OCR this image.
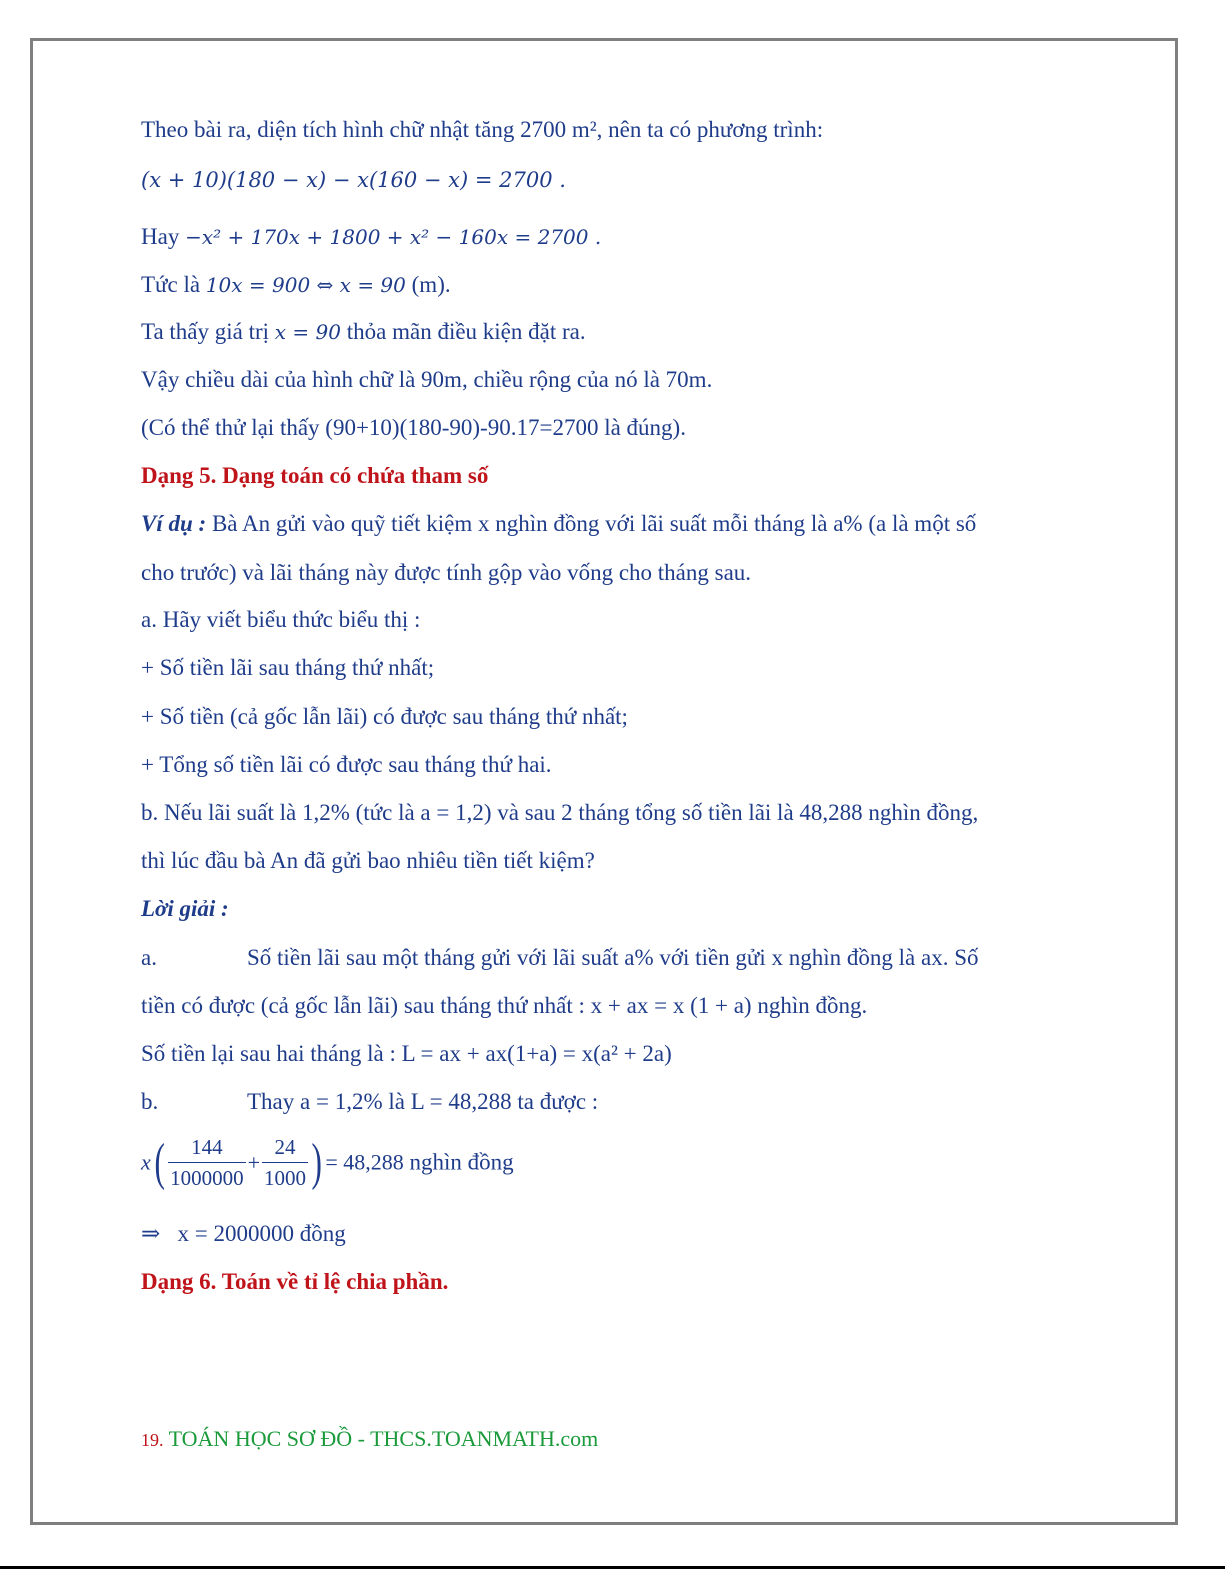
Theo bài ra, diện tích hình chữ nhật tăng 2700 m², nên ta có phương trình:
(x + 10)(180 − x) − x(160 − x) = 2700 .
Hay −x² + 170x + 1800 + x² − 160x = 2700 .
Tức là 10x = 900 ⇔ x = 90 (m).
Ta thấy giá trị x = 90 thỏa mãn điều kiện đặt ra.
Vậy chiều dài của hình chữ là 90m, chiều rộng của nó là 70m.
(Có thể thử lại thấy (90+10)(180-90)-90.17=2700 là đúng).
Dạng 5. Dạng toán có chứa tham số
Ví dụ : Bà An gửi vào quỹ tiết kiệm x nghìn đồng với lãi suất mỗi tháng là a% (a là một số
cho trước) và lãi tháng này được tính gộp vào vống cho tháng sau.
a. Hãy viết biểu thức biểu thị :
+ Số tiền lãi sau tháng thứ nhất;
+ Số tiền (cả gốc lẫn lãi) có được sau tháng thứ nhất;
+ Tổng số tiền lãi có được sau tháng thứ hai.
b. Nếu lãi suất là 1,2% (tức là a = 1,2) và sau 2 tháng tổng số tiền lãi là 48,288 nghìn đồng,
thì lúc đầu bà An đã gửi bao nhiêu tiền tiết kiệm?
Lời giải :
a.	Số tiền lãi sau một tháng gửi với lãi suất a% với tiền gửi x nghìn đồng là ax. Số
tiền có được (cả gốc lẫn lãi) sau tháng thứ nhất : x + ax = x (1 + a) nghìn đồng.
Số tiền lại sau hai tháng là : L = ax + ax(1+a) = x(a² + 2a)
b.	Thay a = 1,2% là L = 48,288 ta được :
$x( \frac{144}{1000000} + \frac{24}{1000}$ ) = 48,288 nghìn đồng
⇒ x = 2000000 đồng
Dạng 6. Toán về tỉ lệ chia phần.
19. TOÁN HỌC SƠ ĐỒ - THCS.TOANMATH.com
